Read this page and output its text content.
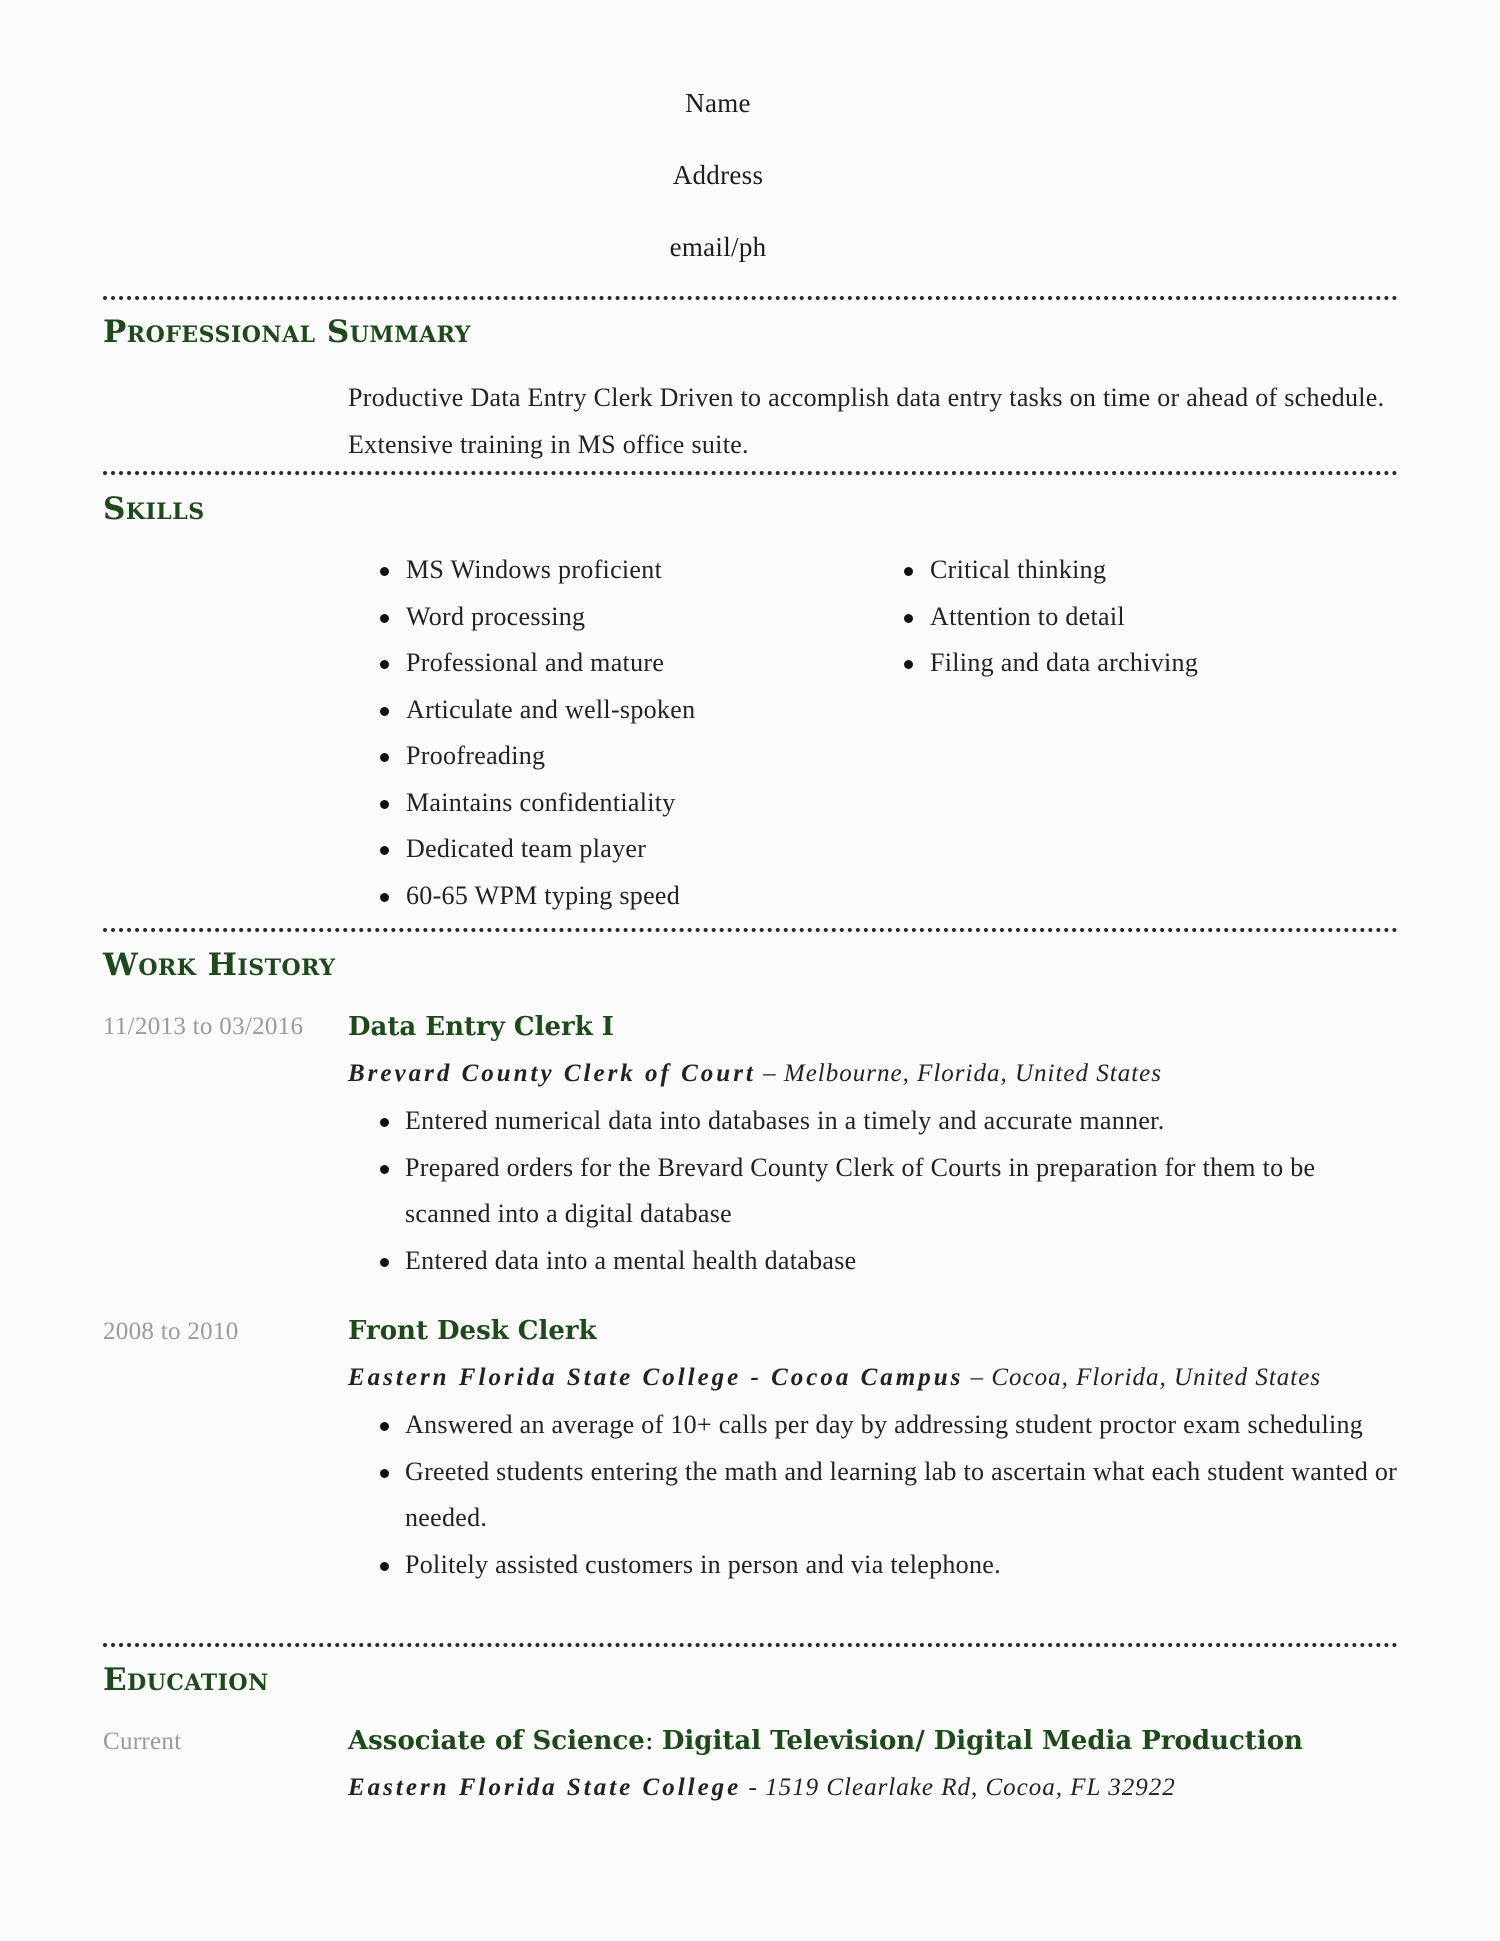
Name
Address
email/ph
Professional Summary
Productive Data Entry Clerk Driven to accomplish data entry tasks on time or ahead of schedule. Extensive training in MS office suite.
Skills
MS Windows proficient
Word processing
Professional and mature
Articulate and well-spoken
Proofreading
Maintains confidentiality
Dedicated team player
60-65 WPM typing speed
Critical thinking
Attention to detail
Filing and data archiving
Work History
11/2013 to 03/2016 Data Entry Clerk I
Brevard County Clerk of Court – Melbourne, Florida, United States
Entered numerical data into databases in a timely and accurate manner.
Prepared orders for the Brevard County Clerk of Courts in preparation for them to be scanned into a digital database
Entered data into a mental health database
2008 to 2010	Front Desk Clerk
Eastern Florida State College - Cocoa Campus – Cocoa, Florida, United States
Answered an average of 10+ calls per day by addressing student proctor exam scheduling
Greeted students entering the math and learning lab to ascertain what each student wanted or needed.
Politely assisted customers in person and via telephone.
Education
Current	Associate of Science: Digital Television/ Digital Media Production
Eastern Florida State College - 1519 Clearlake Rd, Cocoa, FL 32922
